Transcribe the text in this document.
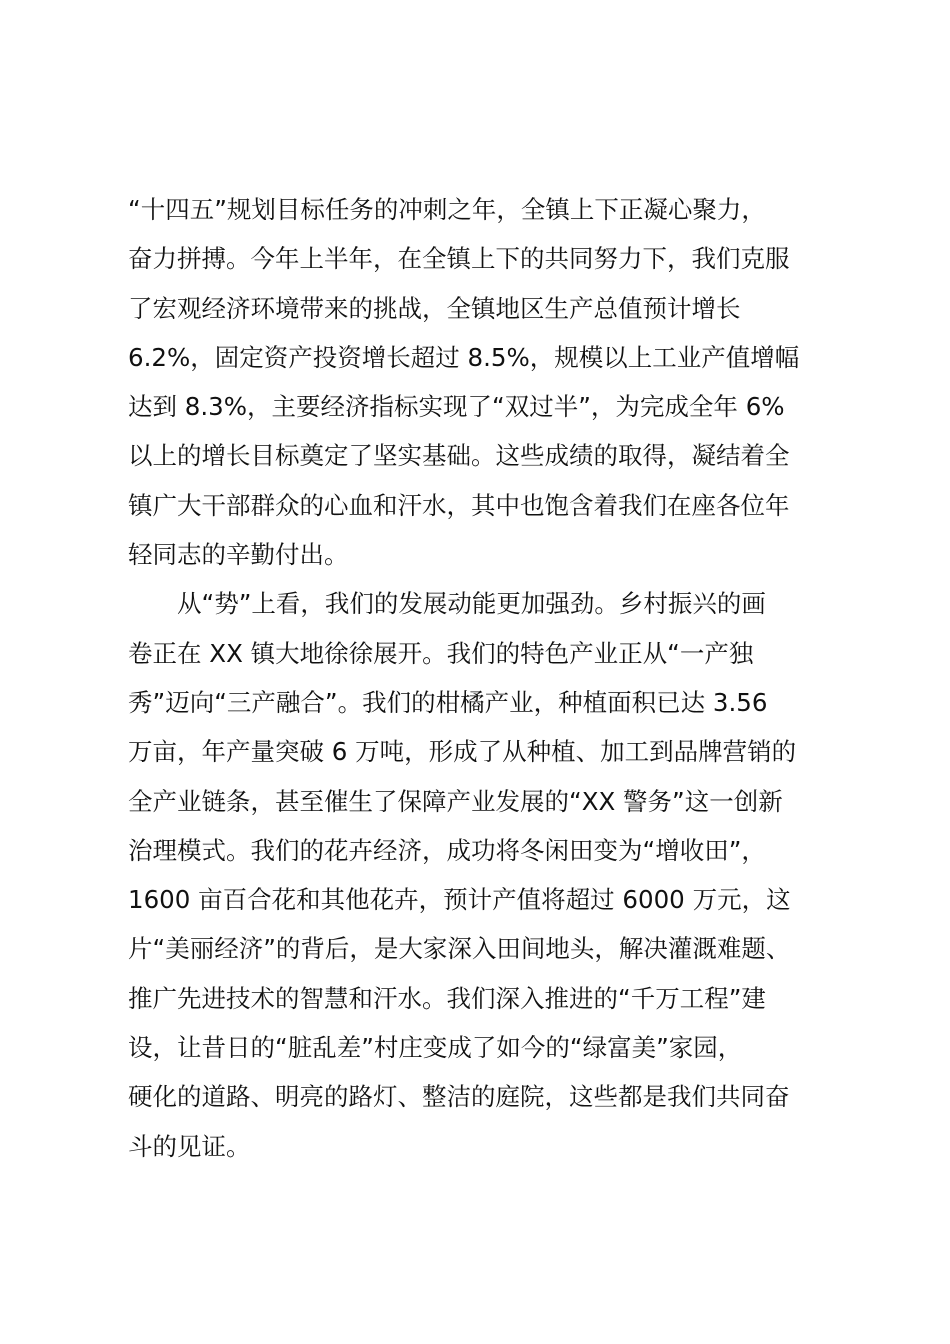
“十四五”规划目标任务的冲刺之年，全镇上下正凝心聚力，
奋力拼搏。今年上半年，在全镇上下的共同努力下，我们克服
了宏观经济环境带来的挑战，全镇地区生产总值预计增长
6.2%，固定资产投资增长超过 8.5%，规模以上工业产值增幅
达到 8.3%，主要经济指标实现了“双过半”，为完成全年 6%
以上的增长目标奠定了坚实基础。这些成绩的取得，凝结着全
镇广大干部群众的心血和汗水，其中也饱含着我们在座各位年
轻同志的辛勤付出。
从“势”上看，我们的发展动能更加强劲。乡村振兴的画
卷正在 XX 镇大地徐徐展开。我们的特色产业正从“一产独
秀”迈向“三产融合”。我们的柑橘产业，种植面积已达 3.56
万亩，年产量突破 6 万吨，形成了从种植、加工到品牌营销的
全产业链条，甚至催生了保障产业发展的“XX 警务”这一创新
治理模式。我们的花卉经济，成功将冬闲田变为“增收田”，
1600 亩百合花和其他花卉，预计产值将超过 6000 万元，这
片“美丽经济”的背后，是大家深入田间地头，解决灌溉难题、
推广先进技术的智慧和汗水。我们深入推进的“千万工程”建
设，让昔日的“脏乱差”村庄变成了如今的“绿富美”家园，
硬化的道路、明亮的路灯、整洁的庭院，这些都是我们共同奋
斗的见证。
